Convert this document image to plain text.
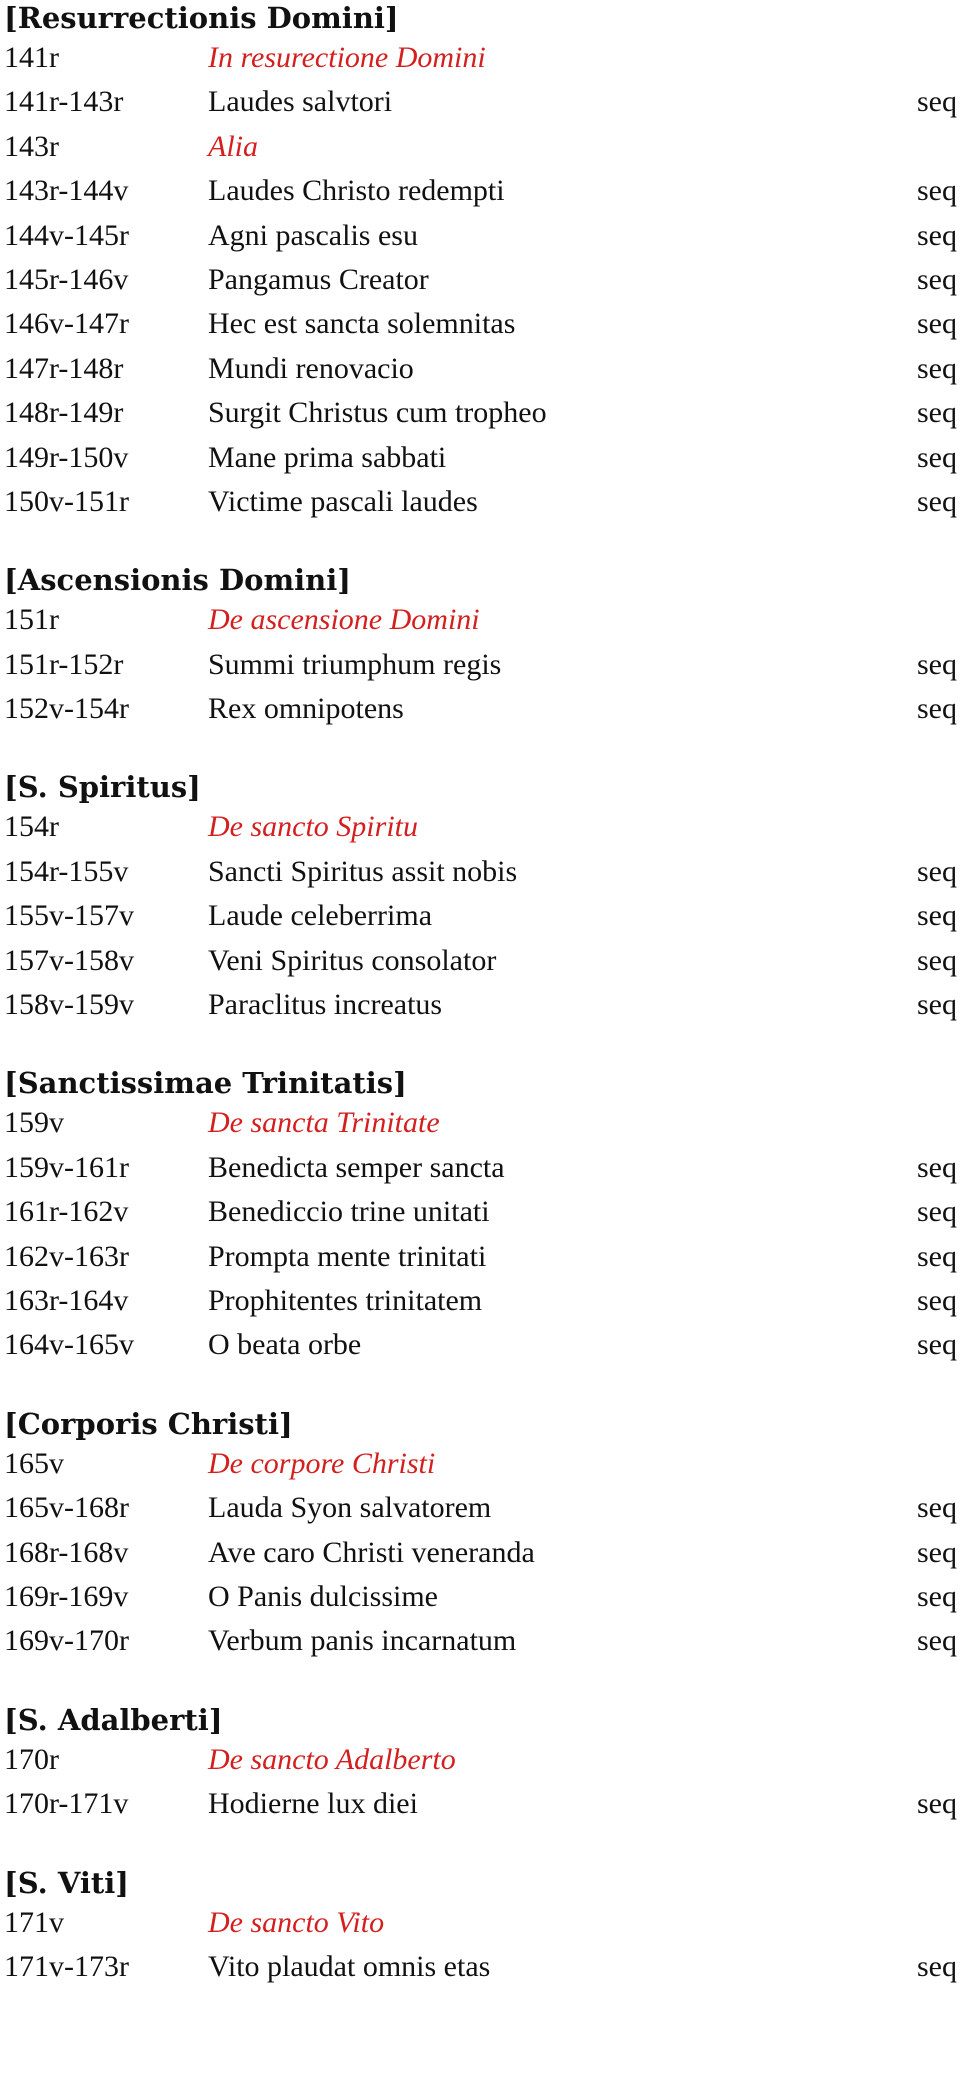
[Resurrectionis Domini]
141r	In resurectione Domini
141r-143r	Laudes salvtori	seq
143r	Alia
143r-144v	Laudes Christo redempti	seq
144v-145r	Agni pascalis esu	seq
145r-146v	Pangamus Creator	seq
146v-147r	Hec est sancta solemnitas	seq
147r-148r	Mundi renovacio	seq
148r-149r	Surgit Christus cum tropheo	seq
149r-150v	Mane prima sabbati	seq
150v-151r	Victime pascali laudes	seq
[Ascensionis Domini]
151r	De ascensione Domini
151r-152r	Summi triumphum regis	seq
152v-154r	Rex omnipotens	seq
[S. Spiritus]
154r	De sancto Spiritu
154r-155v	Sancti Spiritus assit nobis	seq
155v-157v Laude celeberrima	seq
157v-158v Veni Spiritus consolator	seq
158v-159v Paraclitus increatus	seq
[Sanctissimae Trinitatis]
159v	De sancta Trinitate
159v-161r	Benedicta semper sancta	seq
161r-162v	Benediccio trine unitati	seq
162v-163r	Prompta mente trinitati	seq
163r-164v	Prophitentes trinitatem	seq
164v-165v O beata orbe	seq
[Corporis Christi]
165v	De corpore Christi
165v-168r	Lauda Syon salvatorem	seq
168r-168v	Ave caro Christi veneranda	seq
169r-169v	O Panis dulcissime	seq
169v-170r	Verbum panis incarnatum	seq
[S. Adalberti]
170r	De sancto Adalberto
170r-171v	Hodierne lux diei	seq
[S. Viti]
171v	De sancto Vito
171v-173r	Vito plaudat omnis etas	seq
